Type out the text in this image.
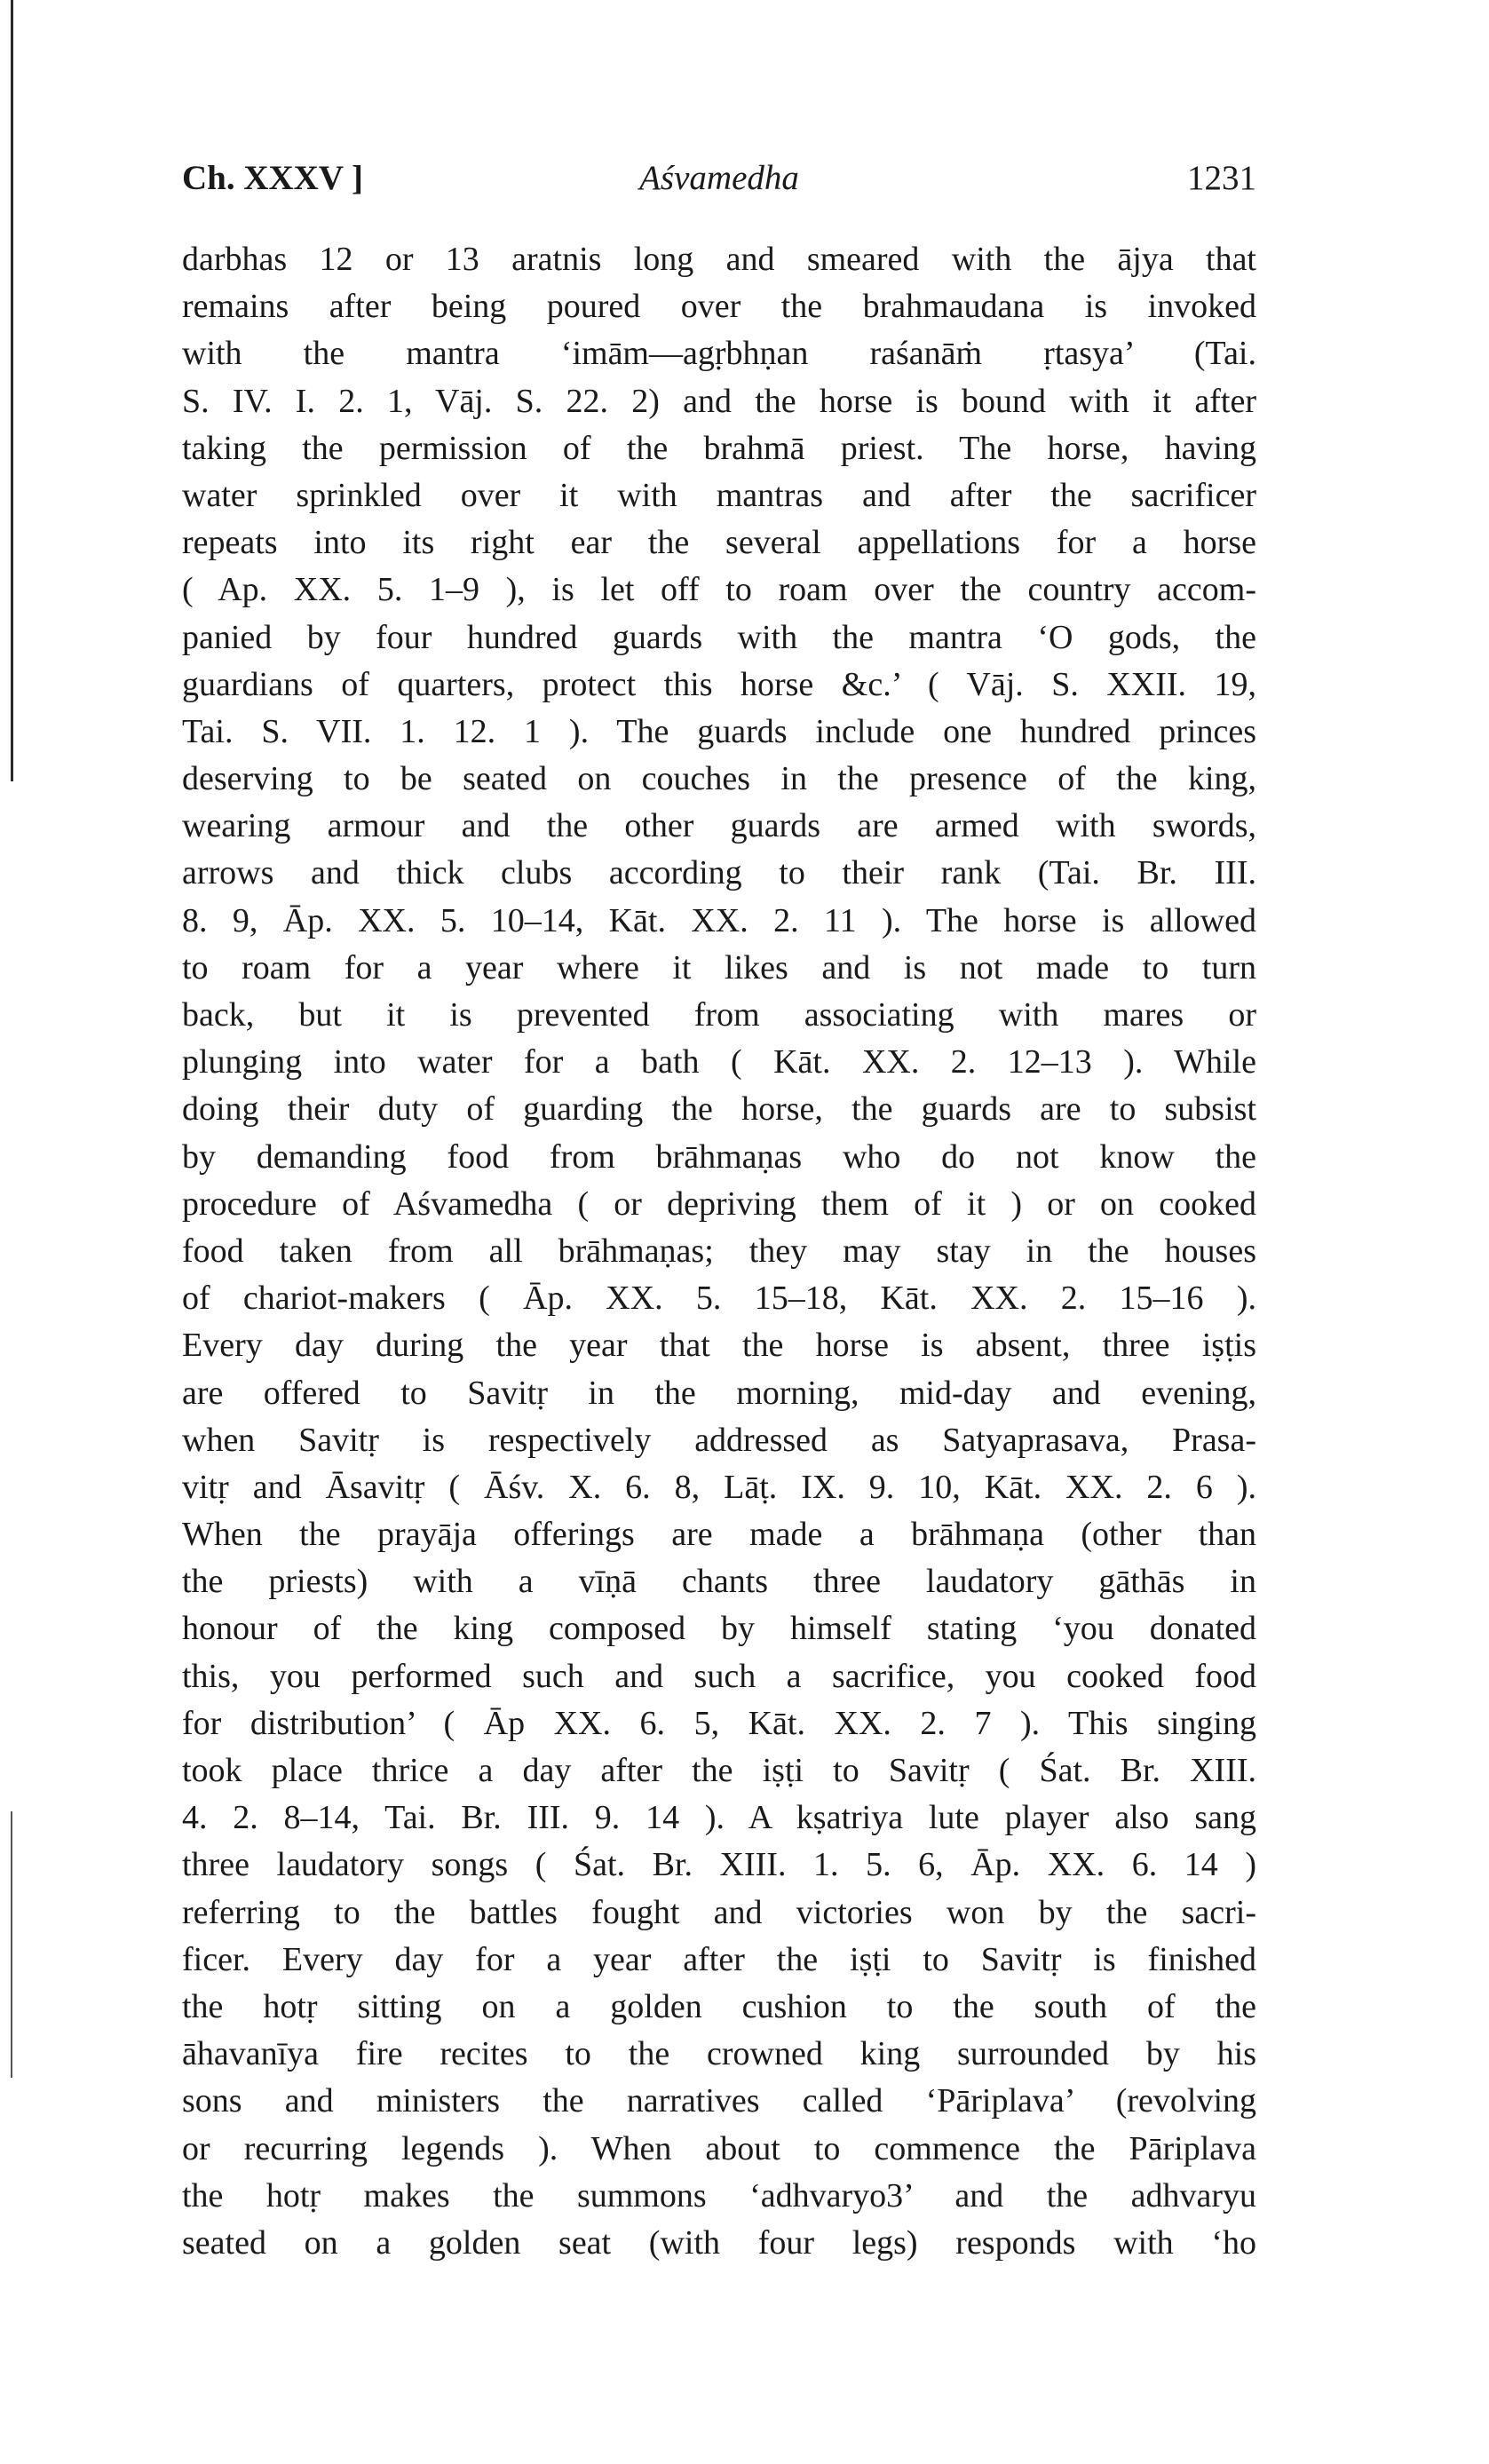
Ch. XXXV ]	Aśvamedha	1231
darbhas 12 or 13 aratnis long and smeared with the ājya that
remains after being poured over the brahmaudana is invoked
with the mantra ‘imām—agṛbhṇan raśanāṁ ṛtasya’ (Tai.
S. IV. I. 2. 1, Vāj. S. 22. 2) and the horse is bound with it after
taking the permission of the brahmā priest. The horse, having
water sprinkled over it with mantras and after the sacrificer
repeats into its right ear the several appellations for a horse
( Ap. XX. 5. 1–9 ), is let off to roam over the country accom-
panied by four hundred guards with the mantra ‘O gods, the
guardians of quarters, protect this horse &c.’ ( Vāj. S. XXII. 19,
Tai. S. VII. 1. 12. 1 ). The guards include one hundred princes
deserving to be seated on couches in the presence of the king,
wearing armour and the other guards are armed with swords,
arrows and thick clubs according to their rank (Tai. Br. III.
8. 9, Āp. XX. 5. 10–14, Kāt. XX. 2. 11 ). The horse is allowed
to roam for a year where it likes and is not made to turn
back, but it is prevented from associating with mares or
plunging into water for a bath ( Kāt. XX. 2. 12–13 ). While
doing their duty of guarding the horse, the guards are to subsist
by demanding food from brāhmaṇas who do not know the
procedure of Aśvamedha ( or depriving them of it ) or on cooked
food taken from all brāhmaṇas; they may stay in the houses
of chariot-makers ( Āp. XX. 5. 15–18, Kāt. XX. 2. 15–16 ).
Every day during the year that the horse is absent, three iṣṭis
are offered to Savitṛ in the morning, mid-day and evening,
when Savitṛ is respectively addressed as Satyaprasava, Prasa-
vitṛ and Āsavitṛ ( Āśv. X. 6. 8, Lāṭ. IX. 9. 10, Kāt. XX. 2. 6 ).
When the prayāja offerings are made a brāhmaṇa (other than
the priests) with a vīṇā chants three laudatory gāthās in
honour of the king composed by himself stating ‘you donated
this, you performed such and such a sacrifice, you cooked food
for distribution’ ( Āp XX. 6. 5, Kāt. XX. 2. 7 ). This singing
took place thrice a day after the iṣṭi to Savitṛ ( Śat. Br. XIII.
4. 2. 8–14, Tai. Br. III. 9. 14 ). A kṣatriya lute player also sang
three laudatory songs ( Śat. Br. XIII. 1. 5. 6, Āp. XX. 6. 14 )
referring to the battles fought and victories won by the sacri-
ficer. Every day for a year after the iṣṭi to Savitṛ is finished
the hotṛ sitting on a golden cushion to the south of the
āhavanīya fire recites to the crowned king surrounded by his
sons and ministers the narratives called ‘Pāriplava’ (revolving
or recurring legends ). When about to commence the Pāriplava
the hotṛ makes the summons ‘adhvaryo3’ and the adhvaryu
seated on a golden seat (with four legs) responds with ‘ho
